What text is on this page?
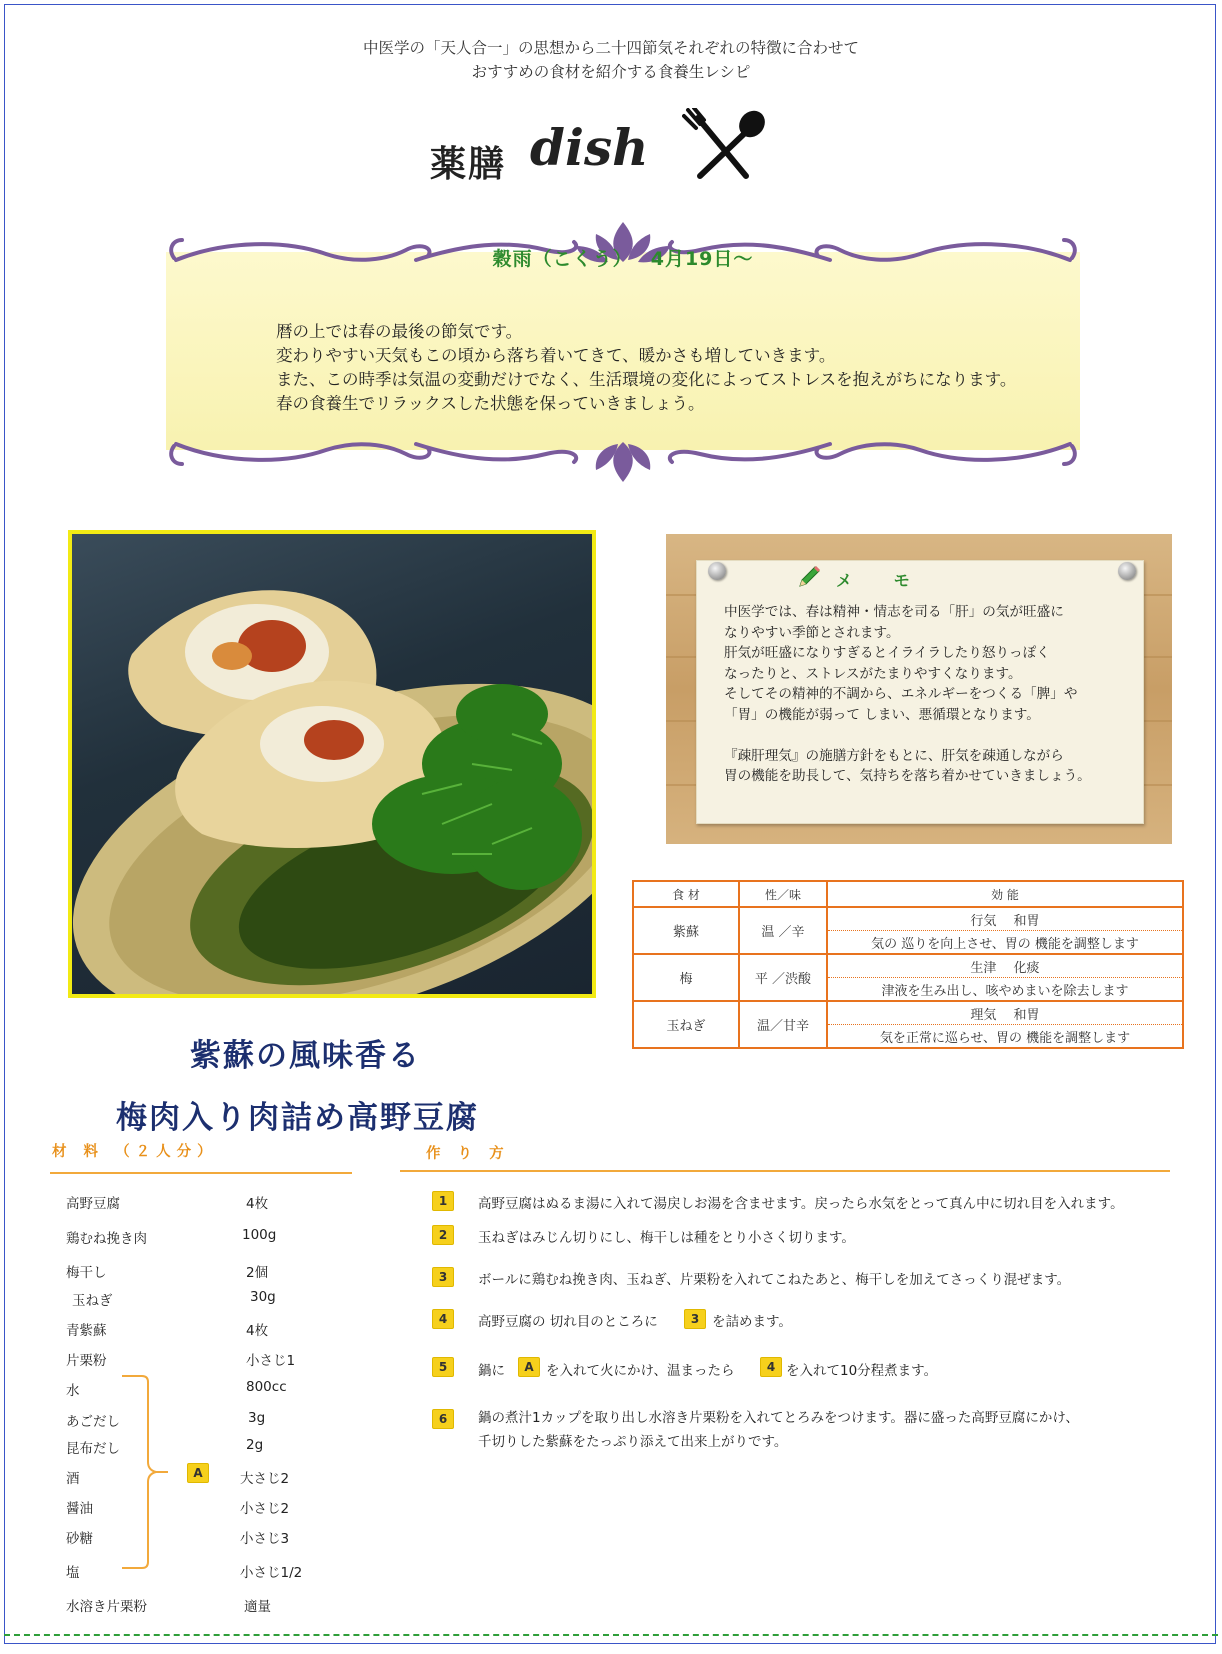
中医学の「天人合一」の思想から二十四節気それぞれの特徴に合わせて
おすすめの食材を紹介する食養生レシピ
薬膳 dish
穀雨（こくう）　 4月19日～
暦の上では春の最後の節気です。
変わりやすい天気もこの頃から落ち着いてきて、暖かさも増していきます。
また、この時季は気温の変動だけでなく、生活環境の変化によってストレスを抱えがちになります。
春の食養生でリラックスした状態を保っていきましょう。
メ モ
中医学では、春は精神・情志を司る「肝」の気が旺盛に
なりやすい季節とされます。
肝気が旺盛になりすぎるとイライラしたり怒りっぽく
なったりと、ストレスがたまりやすくなります。
そしてその精神的不調から、エネルギーをつくる「脾」や
「胃」の機能が弱って しまい、悪循環となります。
『疎肝理気』の施膳方針をもとに、肝気を疎通しながら
胃の機能を助長して、気持ちを落ち着かせていきましょう。
食 材	性／味	効 能
紫蘇	温 ／辛	行気　 和胃
		気の 巡りを向上させ、胃の 機能を調整します
梅	平 ／渋酸	生津　 化痰
		津液を生み出し、咳やめまいを除去します
玉ねぎ	温／甘辛	理気　 和胃
		気を正常に巡らせ、胃の 機能を調整します
紫蘇の風味香る
梅肉入り肉詰め高野豆腐
材 料 （２人分）	作 り 方
高野豆腐	4枚
鶏むね挽き肉	100g
梅干し	2個
玉ねぎ	30g
青紫蘇	4枚
片栗粉	小さじ1
水	800cc
あごだし	3g
昆布だし	2g
酒	大さじ2
醤油	小さじ2
砂糖	小さじ3
塩	小さじ1/2
水溶き片栗粉	適量
A
1	高野豆腐はぬるま湯に入れて湯戻しお湯を含ませます。戻ったら水気をとって真ん中に切れ目を入れます。
2	玉ねぎはみじん切りにし、梅干しは種をとり小さく切ります。
3	ボールに鶏むね挽き肉、玉ねぎ、片栗粉を入れてこねたあと、梅干しを加えてさっくり混ぜます。
4	高野豆腐の 切れ目のところに	3 を詰めます。
5	鍋に	A を入れて火にかけ、温まったら	4 を入れて10分程煮ます。
6	鍋の煮汁1カップを取り出し水溶き片栗粉を入れてとろみをつけます。器に盛った高野豆腐にかけ、
千切りした紫蘇をたっぷり添えて出来上がりです。
